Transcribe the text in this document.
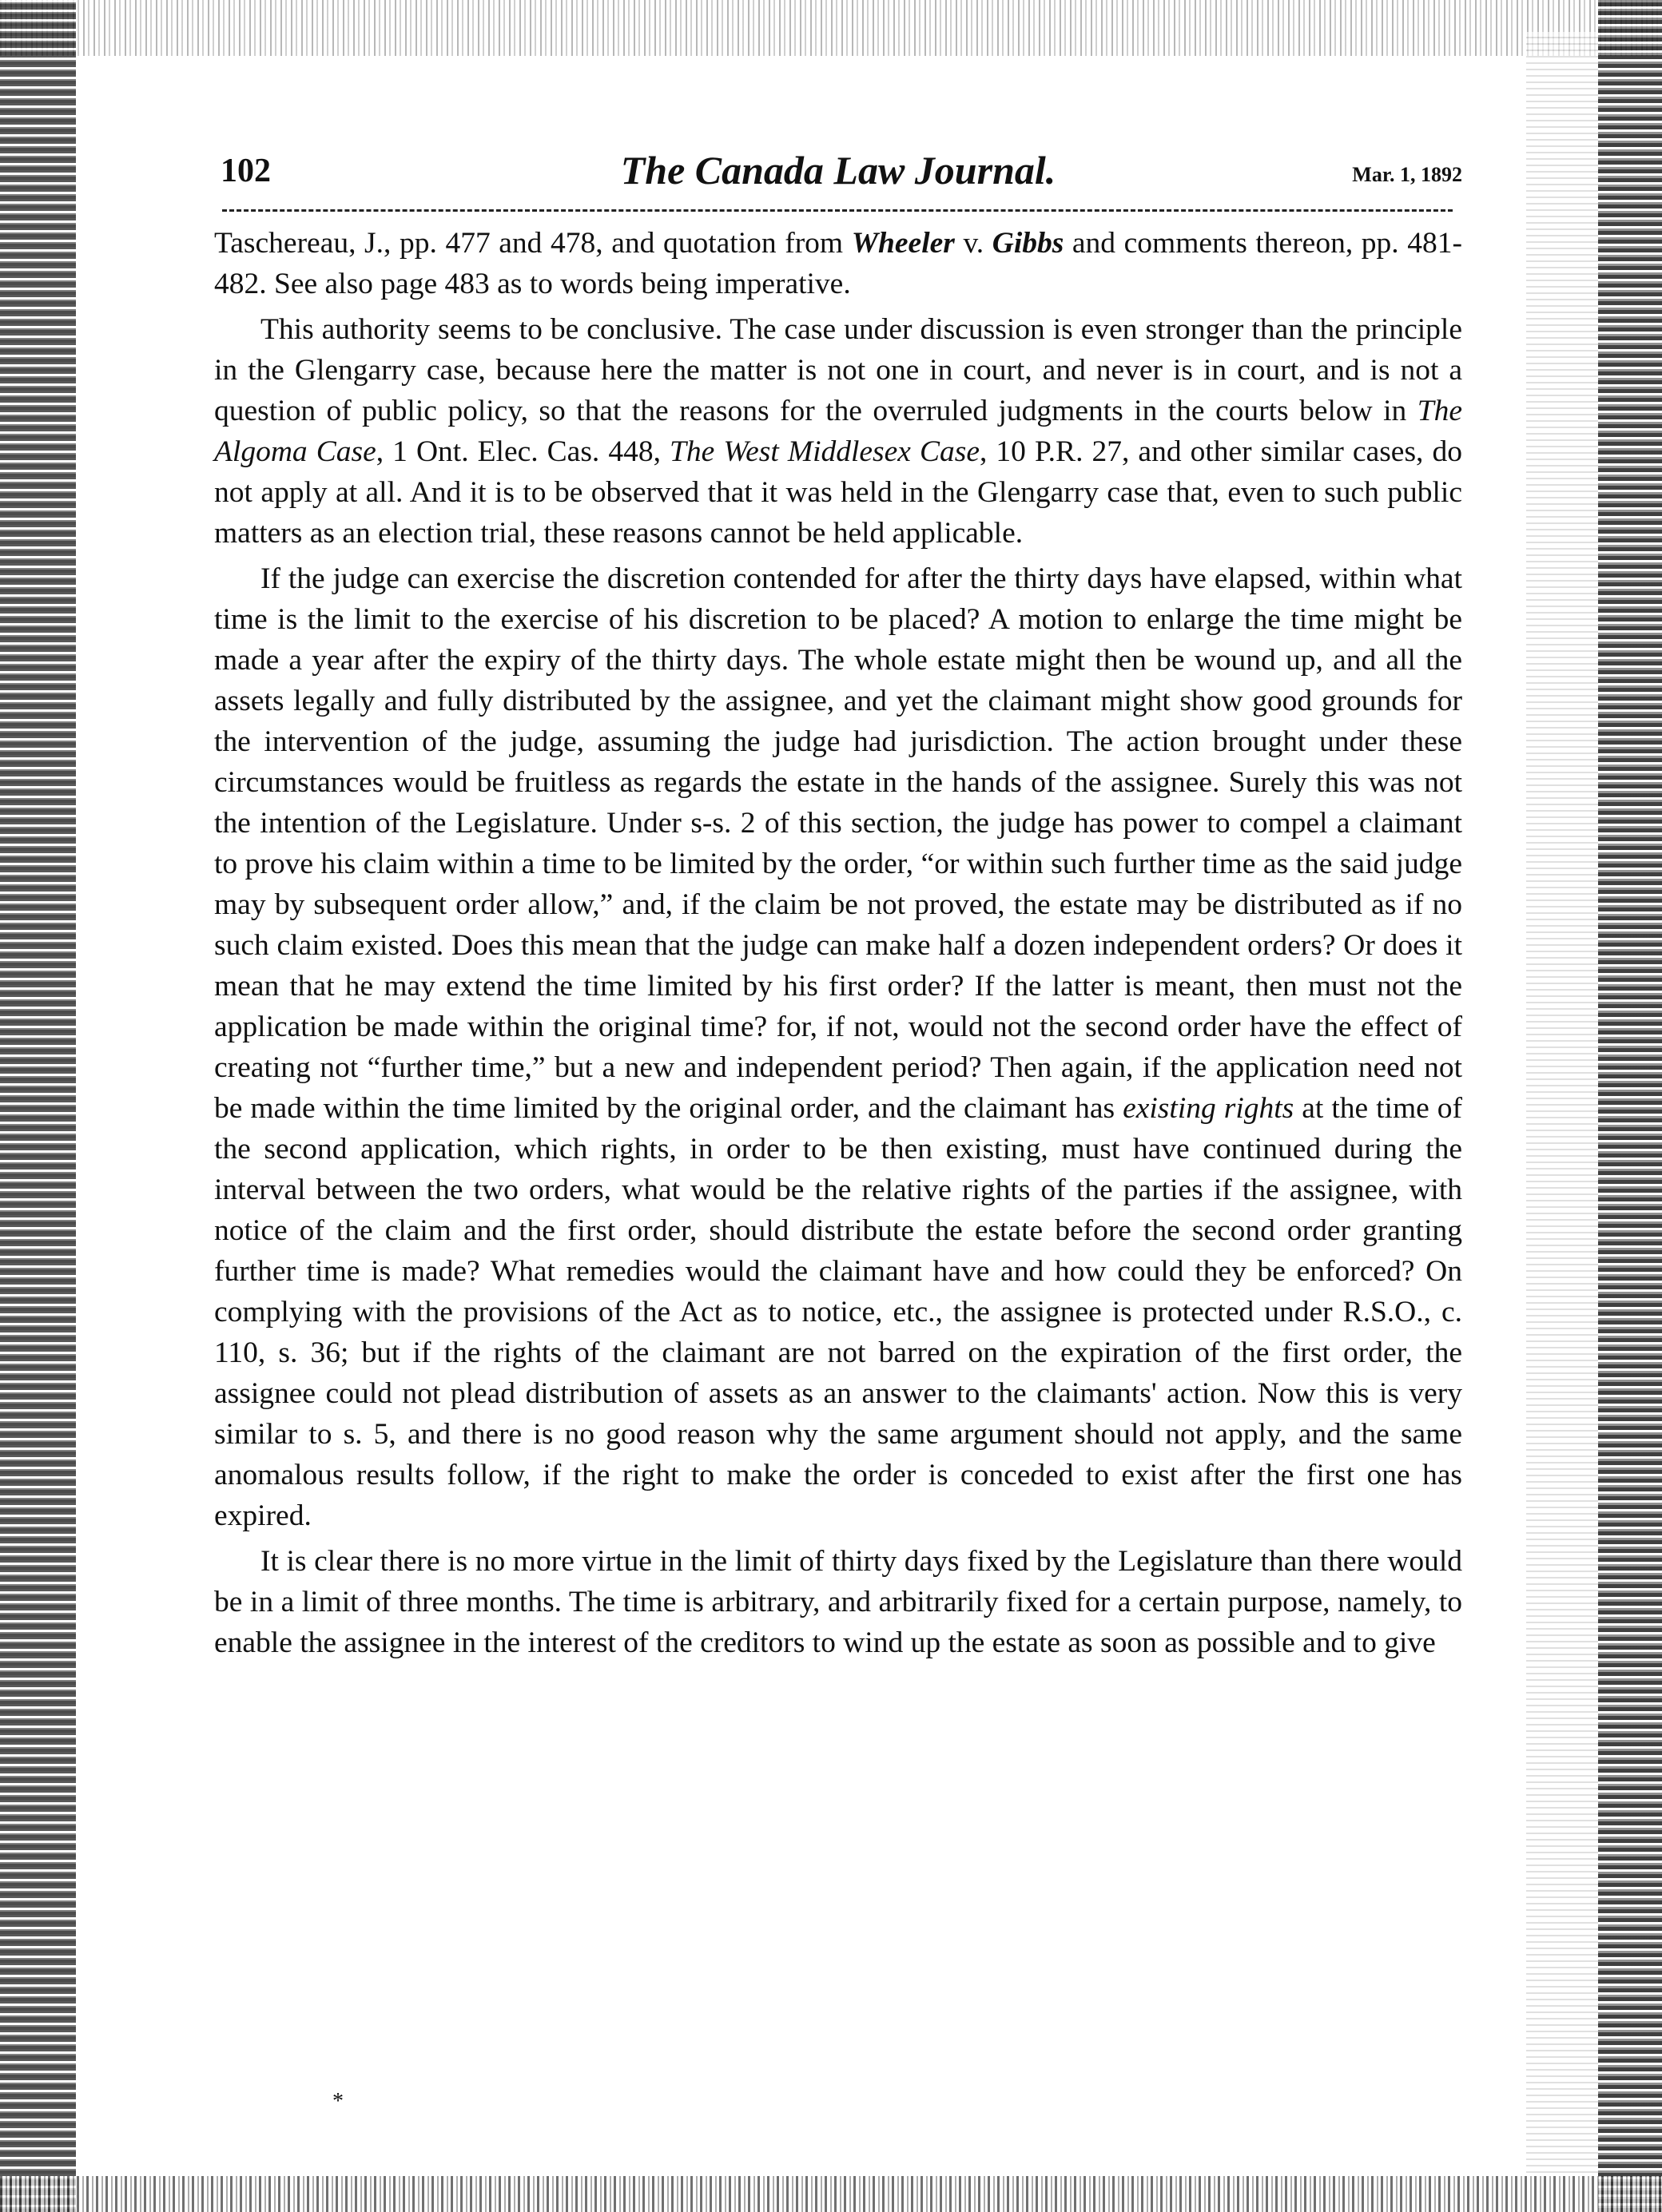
102	The Canada Law Journal.	Mar. 1, 1892

Taschereau, J., pp. 477 and 478, and quotation from Wheeler v. Gibbs and comments thereon, pp. 481-482. See also page 483 as to words being imperative.

This authority seems to be conclusive. The case under discussion is even stronger than the principle in the Glengarry case, because here the matter is not one in court, and never is in court, and is not a question of public policy, so that the reasons for the overruled judgments in the courts below in The Algoma Case, 1 Ont. Elec. Cas. 448, The West Middlesex Case, 10 P.R. 27, and other similar cases, do not apply at all. And it is to be observed that it was held in the Glengarry case that, even to such public matters as an election trial, these reasons cannot be held applicable.

If the judge can exercise the discretion contended for after the thirty days have elapsed, within what time is the limit to the exercise of his discretion to be placed? A motion to enlarge the time might be made a year after the expiry of the thirty days. The whole estate might then be wound up, and all the assets legally and fully distributed by the assignee, and yet the claimant might show good grounds for the intervention of the judge, assuming the judge had jurisdiction. The action brought under these circumstances would be fruitless as regards the estate in the hands of the assignee. Surely this was not the intention of the Legislature. Under s-s. 2 of this section, the judge has power to compel a claimant to prove his claim within a time to be limited by the order, “or within such further time as the said judge may by subsequent order allow,” and, if the claim be not proved, the estate may be distributed as if no such claim existed. Does this mean that the judge can make half a dozen independent orders? Or does it mean that he may extend the time limited by his first order? If the latter is meant, then must not the application be made within the original time? for, if not, would not the second order have the effect of creating not “further time,” but a new and independent period? Then again, if the application need not be made within the time limited by the original order, and the claimant has existing rights at the time of the second application, which rights, in order to be then existing, must have continued during the interval between the two orders, what would be the relative rights of the parties if the assignee, with notice of the claim and the first order, should distribute the estate before the second order granting further time is made? What remedies would the claimant have and how could they be enforced? On complying with the provisions of the Act as to notice, etc., the assignee is protected under R.S.O., c. 110, s. 36; but if the rights of the claimant are not barred on the expiration of the first order, the assignee could not plead distribution of assets as an answer to the claimants' action. Now this is very similar to s. 5, and there is no good reason why the same argument should not apply, and the same anomalous results follow, if the right to make the order is conceded to exist after the first one has expired.

It is clear there is no more virtue in the limit of thirty days fixed by the Legislature than there would be in a limit of three months. The time is arbitrary, and arbitrarily fixed for a certain purpose, namely, to enable the assignee in the interest of the creditors to wind up the estate as soon as possible and to give

*
